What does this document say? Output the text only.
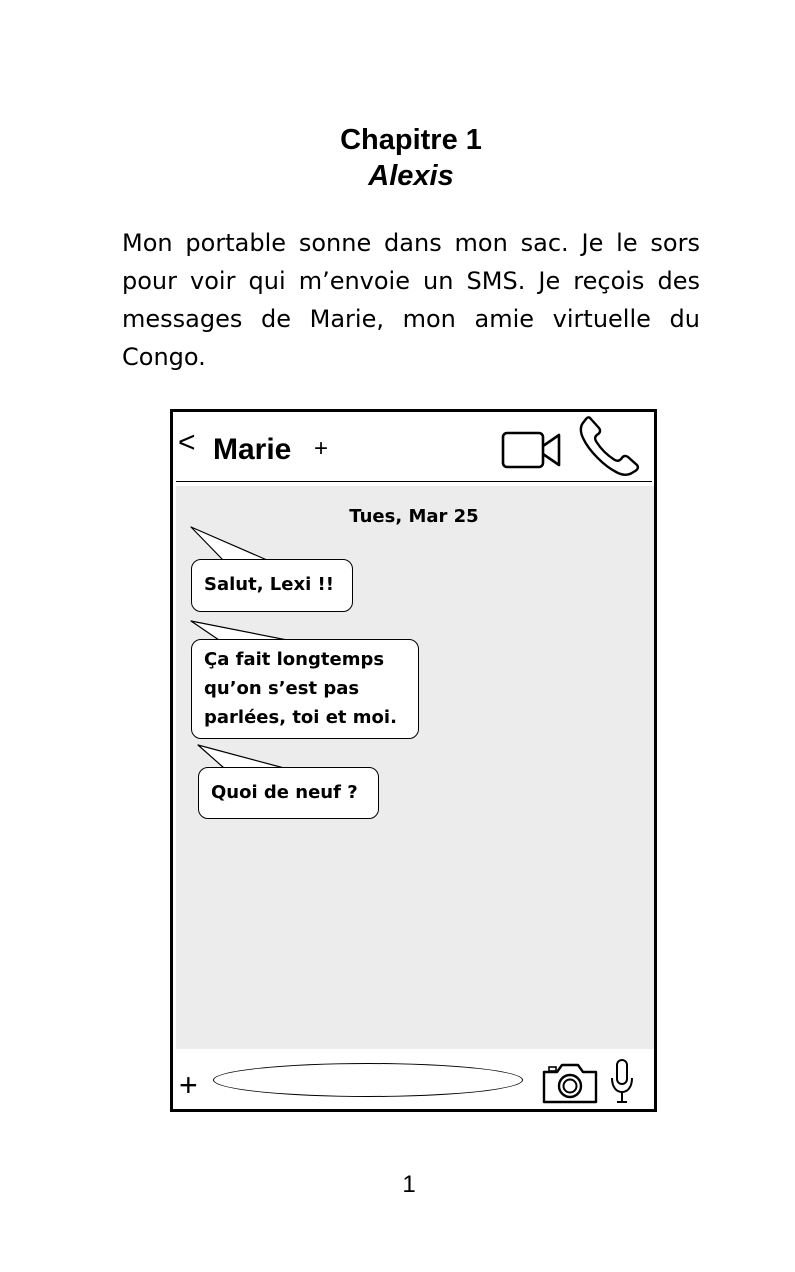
Chapitre 1
Alexis

Mon portable sonne dans mon sac. Je le sors pour voir qui m’envoie un SMS. Je reçois des messages de Marie, mon amie virtuelle du Congo.

< Marie +
Tues, Mar 25
Salut, Lexi !!
Ça fait longtemps
qu’on s’est pas
parlées, toi et moi.
Quoi de neuf ?
+
1
